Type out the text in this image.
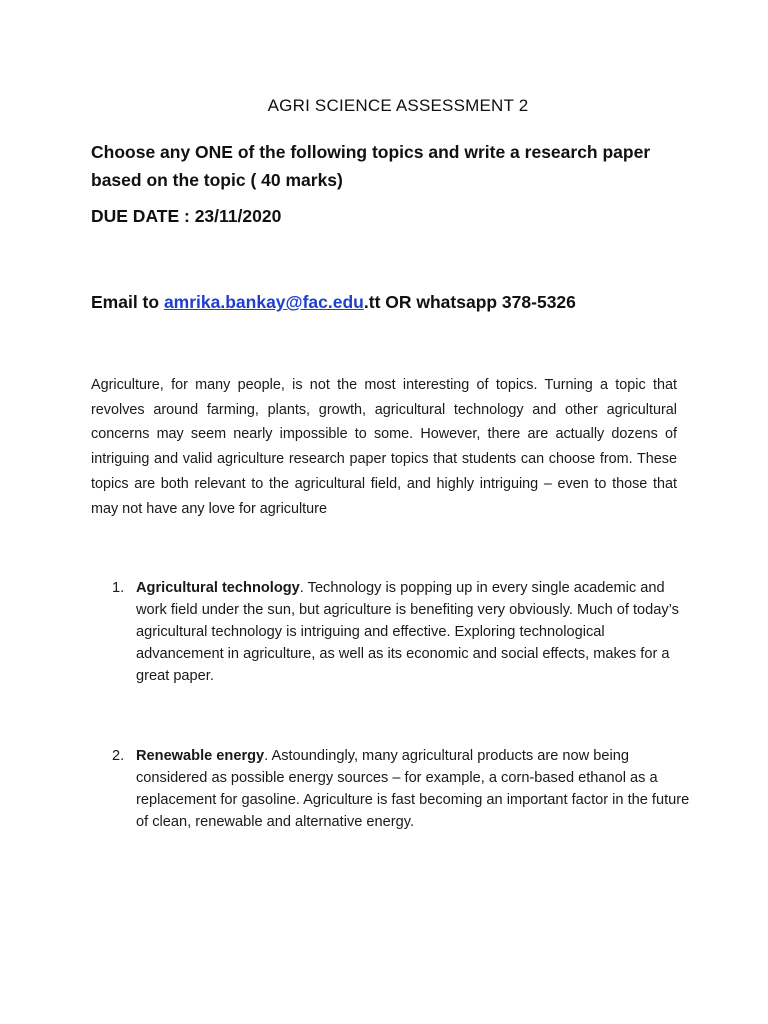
AGRI SCIENCE ASSESSMENT 2
Choose any ONE of the following topics and write a research paper based on the topic ( 40 marks)
DUE DATE : 23/11/2020
Email to amrika.bankay@fac.edu.tt OR whatsapp 378-5326
Agriculture, for many people, is not the most interesting of topics. Turning a topic that revolves around farming, plants, growth, agricultural technology and other agricultural concerns may seem nearly impossible to some. However, there are actually dozens of intriguing and valid agriculture research paper topics that students can choose from. These topics are both relevant to the agricultural field, and highly intriguing – even to those that may not have any love for agriculture
1. Agricultural technology. Technology is popping up in every single academic and work field under the sun, but agriculture is benefiting very obviously. Much of today’s agricultural technology is intriguing and effective. Exploring technological advancement in agriculture, as well as its economic and social effects, makes for a great paper.
2. Renewable energy. Astoundingly, many agricultural products are now being considered as possible energy sources – for example, a corn-based ethanol as a replacement for gasoline. Agriculture is fast becoming an important factor in the future of clean, renewable and alternative energy.
